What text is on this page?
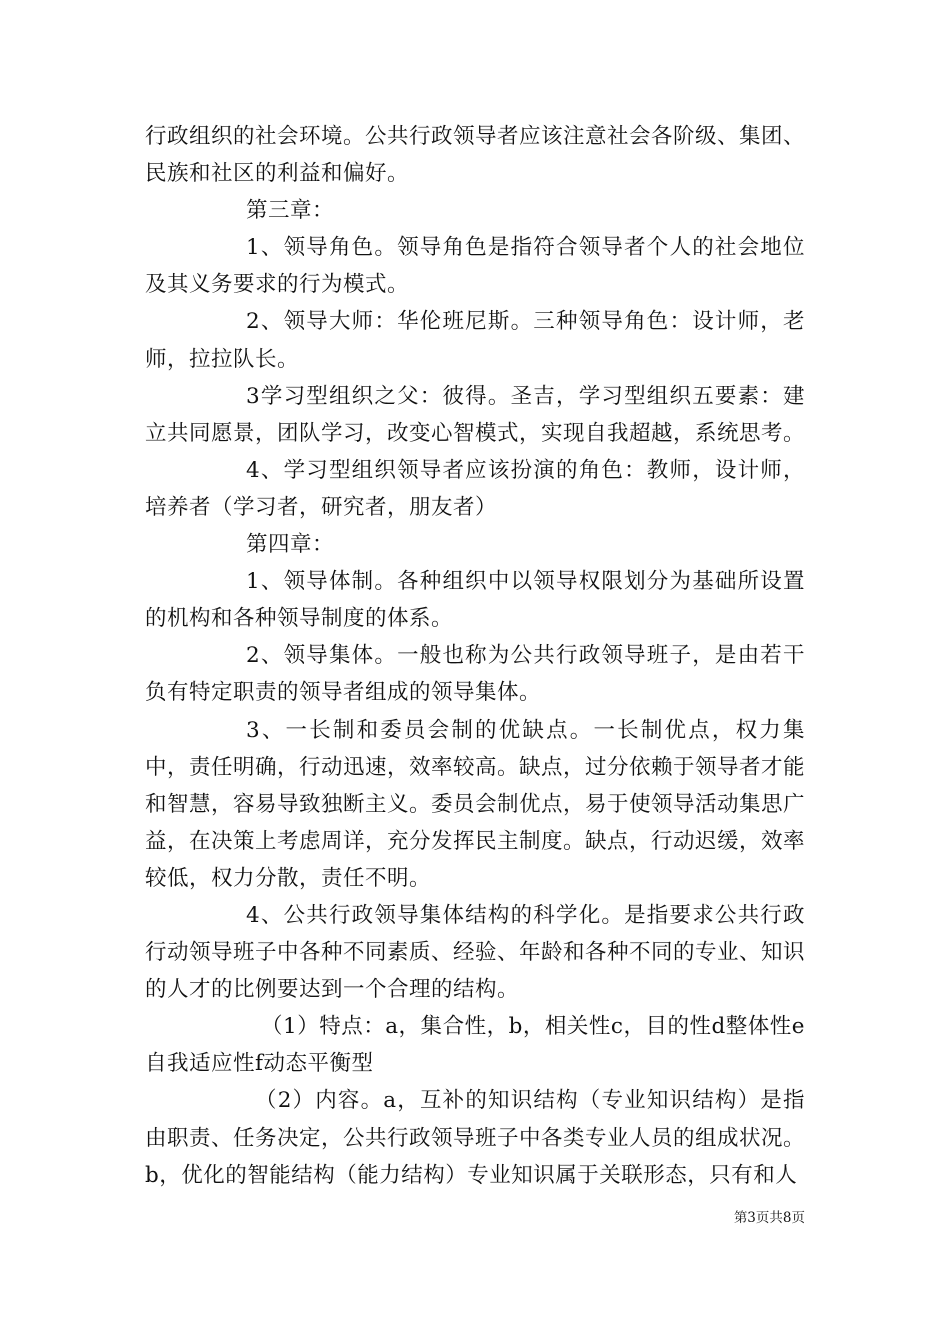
行政组织的社会环境。公共行政领导者应该注意社会各阶级、集团、民族和社区的利益和偏好。

第三章：

1、领导角色。领导角色是指符合领导者个人的社会地位及其义务要求的行为模式。

2、领导大师：华伦班尼斯。三种领导角色：设计师，老师，拉拉队长。

3学习型组织之父：彼得。圣吉，学习型组织五要素：建立共同愿景，团队学习，改变心智模式，实现自我超越，系统思考。

4、学习型组织领导者应该扮演的角色：教师，设计师，培养者（学习者，研究者，朋友者）

第四章：

1、领导体制。各种组织中以领导权限划分为基础所设置的机构和各种领导制度的体系。

2、领导集体。一般也称为公共行政领导班子，是由若干负有特定职责的领导者组成的领导集体。

3、一长制和委员会制的优缺点。一长制优点，权力集中，责任明确，行动迅速，效率较高。缺点，过分依赖于领导者才能和智慧，容易导致独断主义。委员会制优点，易于使领导活动集思广益，在决策上考虑周详，充分发挥民主制度。缺点，行动迟缓，效率较低，权力分散，责任不明。

4、公共行政领导集体结构的科学化。是指要求公共行政行动领导班子中各种不同素质、经验、年龄和各种不同的专业、知识的人才的比例要达到一个合理的结构。

（1）特点：a，集合性，b，相关性c，目的性d整体性e自我适应性f动态平衡型

（2）内容。a，互补的知识结构（专业知识结构）是指由职责、任务决定，公共行政领导班子中各类专业人员的组成状况。b，优化的智能结构（能力结构）专业知识属于关联形态，只有和人

第3页共8页
